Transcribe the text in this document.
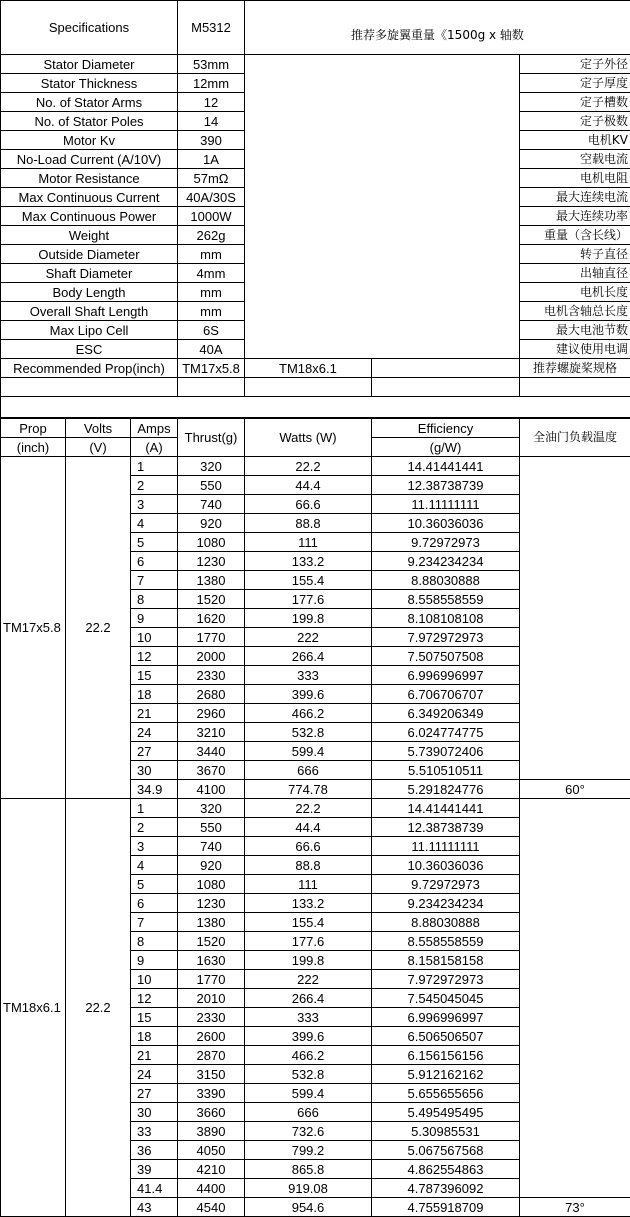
Specifications	M5312	推荐多旋翼重量《1500g x 轴数		
Stator Diameter	53mm			定子外径
Stator Thickness	12mm			定子厚度
No. of Stator Arms	12			定子槽数
No. of Stator Poles	14			定子极数
Motor Kv	390			电机KV
No-Load Current (A/10V)	1A			空载电流
Motor Resistance	57mΩ			电机电阻
Max Continuous Current	40A/30S			最大连续电流
Max Continuous Power	1000W			最大连续功率
Weight	262g			重量（含长线）
Outside Diameter	mm			转子直径
Shaft Diameter	4mm			出轴直径
Body Length	mm			电机长度
Overall Shaft Length	mm			电机含轴总长度
Max Lipo Cell	6S			最大电池节数
ESC	40A			建议使用电调
Recommended Prop(inch)	TM17x5.8	TM18x6.1		推荐螺旋桨规格

Prop	Volts	Amps	Thrust(g)	Watts (W)	Efficiency	全油门负载温度
(inch)	(V)	(A)			(g/W)	
TM17x5.8	22.2	1	320	22.2	14.41441441	
		2	550	44.4	12.38738739	
		3	740	66.6	11.11111111	
		4	920	88.8	10.36036036	
		5	1080	111	9.72972973	
		6	1230	133.2	9.234234234	
		7	1380	155.4	8.88030888	
		8	1520	177.6	8.558558559	
		9	1620	199.8	8.108108108	
		10	1770	222	7.972972973	
		12	2000	266.4	7.507507508	
		15	2330	333	6.996996997	
		18	2680	399.6	6.706706707	
		21	2960	466.2	6.349206349	
		24	3210	532.8	6.024774775	
		27	3440	599.4	5.739072406	
		30	3670	666	5.510510511	
		34.9	4100	774.78	5.291824776	60°
TM18x6.1	22.2	1	320	22.2	14.41441441	
		2	550	44.4	12.38738739	
		3	740	66.6	11.11111111	
		4	920	88.8	10.36036036	
		5	1080	111	9.72972973	
		6	1230	133.2	9.234234234	
		7	1380	155.4	8.88030888	
		8	1520	177.6	8.558558559	
		9	1630	199.8	8.158158158	
		10	1770	222	7.972972973	
		12	2010	266.4	7.545045045	
		15	2330	333	6.996996997	
		18	2600	399.6	6.506506507	
		21	2870	466.2	6.156156156	
		24	3150	532.8	5.912162162	
		27	3390	599.4	5.655655656	
		30	3660	666	5.495495495	
		33	3890	732.6	5.30985531	
		36	4050	799.2	5.067567568	
		39	4210	865.8	4.862554863	
		41.4	4400	919.08	4.787396092	
		43	4540	954.6	4.755918709	73°
